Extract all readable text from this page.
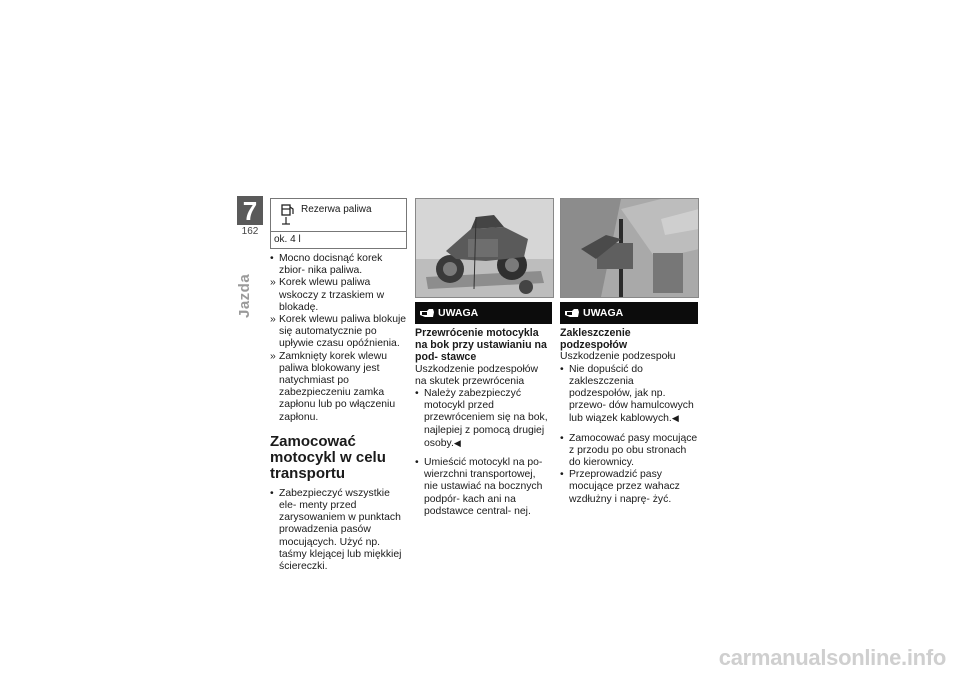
7
162
Jazda
Rezerwa paliwa
ok. 4 l
• Mocno docisnąć korek zbior- nika paliwa.
» Korek wlewu paliwa wskoczy z trzaskiem w blokadę.
» Korek wlewu paliwa blokuje się automatycznie po upływie czasu opóźnienia.
» Zamknięty korek wlewu paliwa blokowany jest natychmiast po zabezpieczeniu zamka zapłonu lub po włączeniu zapłonu.
Zamocować motocykl w celu transportu
• Zabezpieczyć wszystkie ele- menty przed zarysowaniem w punktach prowadzenia pasów mocujących. Użyć np. taśmy klejącej lub miękkiej ściereczki.
UWAGA
Przewrócenie motocykla na bok przy ustawianiu na pod- stawce
Uszkodzenie podzespołów na skutek przewrócenia
• Należy zabezpieczyć motocykl przed przewróceniem się na bok, najlepiej z pomocą drugiej osoby.◀
• Umieścić motocykl na po- wierzchni transportowej, nie ustawiać na bocznych podpór- kach ani na podstawce central- nej.
UWAGA
Zakleszczenie podzespołów
Uszkodzenie podzespołu
• Nie dopuścić do zakleszczenia podzespołów, jak np. przewo- dów hamulcowych lub wiązek kablowych.◀
• Zamocować pasy mocujące z przodu po obu stronach do kierownicy.
• Przeprowadzić pasy mocujące przez wahacz wzdłużny i naprę- żyć.
carmanualsonline.info
